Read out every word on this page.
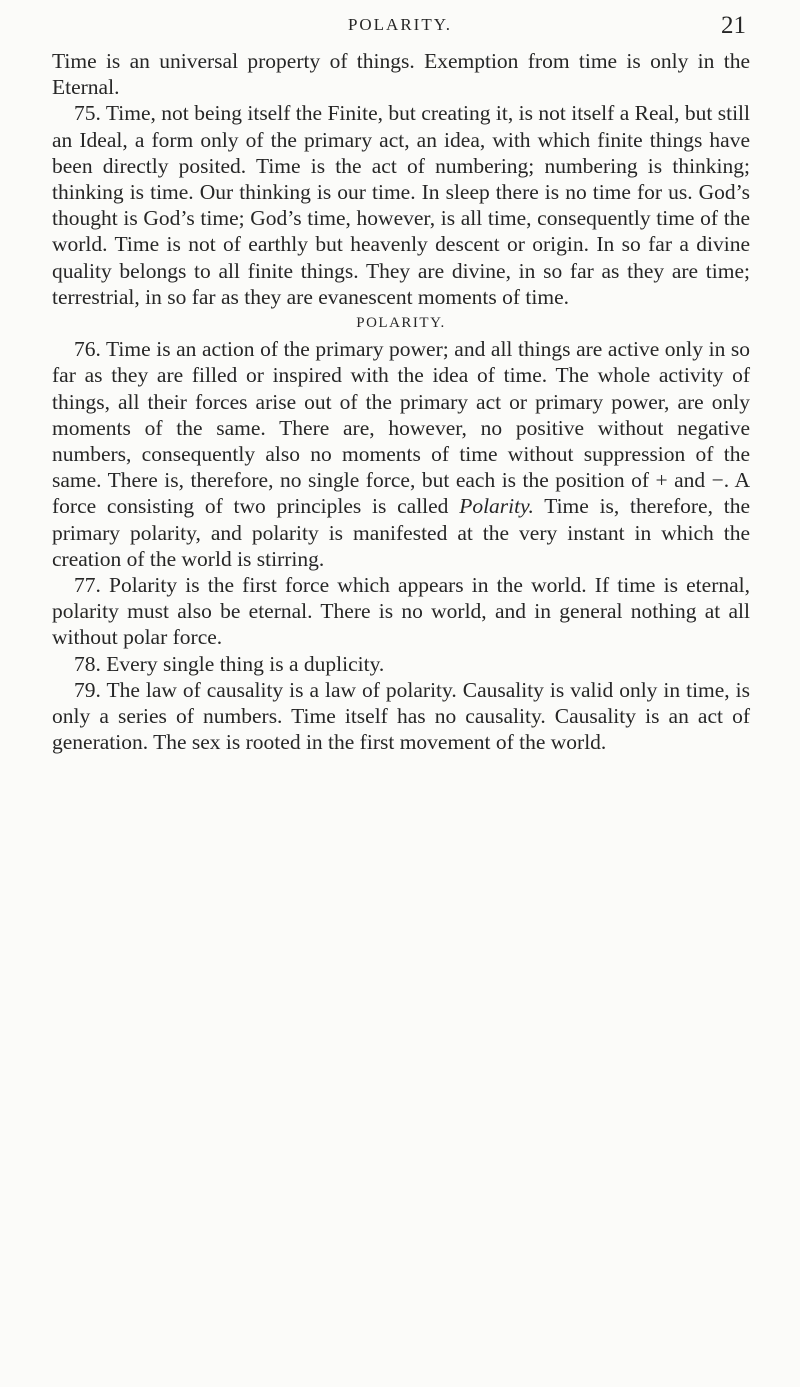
POLARITY.	21

Time is an universal property of things. Exemption from time is only in the Eternal.

75. Time, not being itself the Finite, but creating it, is not itself a Real, but still an Ideal, a form only of the primary act, an idea, with which finite things have been directly posited. Time is the act of numbering; numbering is thinking; thinking is time. Our thinking is our time. In sleep there is no time for us. God’s thought is God’s time; God’s time, however, is all time, consequently time of the world. Time is not of earthly but heavenly descent or origin. In so far a divine quality belongs to all finite things. They are divine, in so far as they are time; terrestrial, in so far as they are evanescent moments of time.

POLARITY.

76. Time is an action of the primary power; and all things are active only in so far as they are filled or inspired with the idea of time. The whole activity of things, all their forces arise out of the primary act or primary power, are only moments of the same. There are, however, no positive without negative numbers, consequently also no moments of time without suppression of the same. There is, therefore, no single force, but each is the position of + and −. A force consisting of two principles is called Polarity. Time is, therefore, the primary polarity, and polarity is manifested at the very instant in which the creation of the world is stirring.

77. Polarity is the first force which appears in the world. If time is eternal, polarity must also be eternal. There is no world, and in general nothing at all without polar force.

78. Every single thing is a duplicity.

79. The law of causality is a law of polarity. Causality is valid only in time, is only a series of numbers. Time itself has no causality. Causality is an act of generation. The sex is rooted in the first movement of the world.
